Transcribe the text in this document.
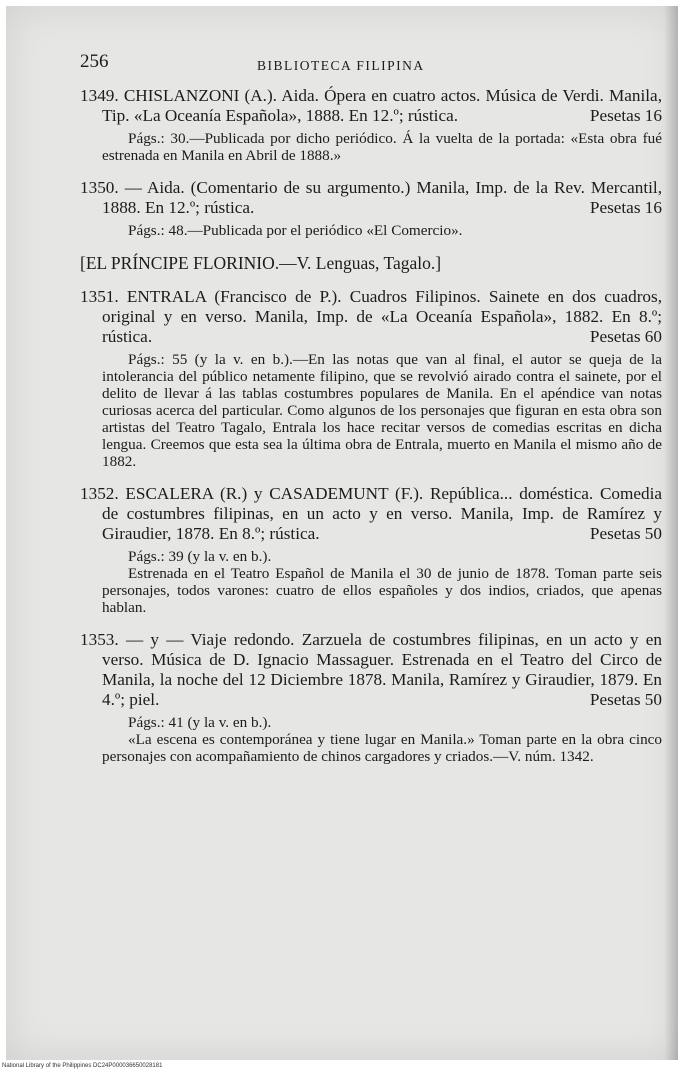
256	BIBLIOTECA FILIPINA

1349. CHISLANZONI (A.). Aida. Ópera en cuatro actos. Música de Verdi. Manila, Tip. «La Oceanía Española», 1888. En 12.º; rústica.	Pesetas 16

Págs.: 30.—Publicada por dicho periódico. Á la vuelta de la portada: «Esta obra fué estrenada en Manila en Abril de 1888.»

1350. — Aida. (Comentario de su argumento.) Manila, Imp. de la Rev. Mercantil, 1888. En 12.º; rústica.	Pesetas 16

Págs.: 48.—Publicada por el periódico «El Comercio».

[EL PRÍNCIPE FLORINIO.—V. Lenguas, Tagalo.]

1351. ENTRALA (Francisco de P.). Cuadros Filipinos. Sainete en dos cuadros, original y en verso. Manila, Imp. de «La Oceanía Española», 1882. En 8.º; rústica.	Pesetas 60

Págs.: 55 (y la v. en b.).—En las notas que van al final, el autor se queja de la intolerancia del público netamente filipino, que se revolvió airado contra el sainete, por el delito de llevar á las tablas costumbres populares de Manila. En el apéndice van notas curiosas acerca del particular. Como algunos de los personajes que figuran en esta obra son artistas del Teatro Tagalo, Entrala los hace recitar versos de comedias escritas en dicha lengua. Creemos que esta sea la última obra de Entrala, muerto en Manila el mismo año de 1882.

1352. ESCALERA (R.) y CASADEMUNT (F.). República... doméstica. Comedia de costumbres filipinas, en un acto y en verso. Manila, Imp. de Ramírez y Giraudier, 1878. En 8.º; rústica.	Pesetas 50

Págs.: 39 (y la v. en b.).

Estrenada en el Teatro Español de Manila el 30 de junio de 1878. Toman parte seis personajes, todos varones: cuatro de ellos españoles y dos indios, criados, que apenas hablan.

1353. — y — Viaje redondo. Zarzuela de costumbres filipinas, en un acto y en verso. Música de D. Ignacio Massaguer. Estrenada en el Teatro del Circo de Manila, la noche del 12 Diciembre 1878. Manila, Ramírez y Giraudier, 1879. En 4.º; piel.	Pesetas 50

Págs.: 41 (y la v. en b.).

«La escena es contemporánea y tiene lugar en Manila.» Toman parte en la obra cinco personajes con acompañamiento de chinos cargadores y criados.—V. núm. 1342.

National Library of the Philippines DC24P000036650028181
